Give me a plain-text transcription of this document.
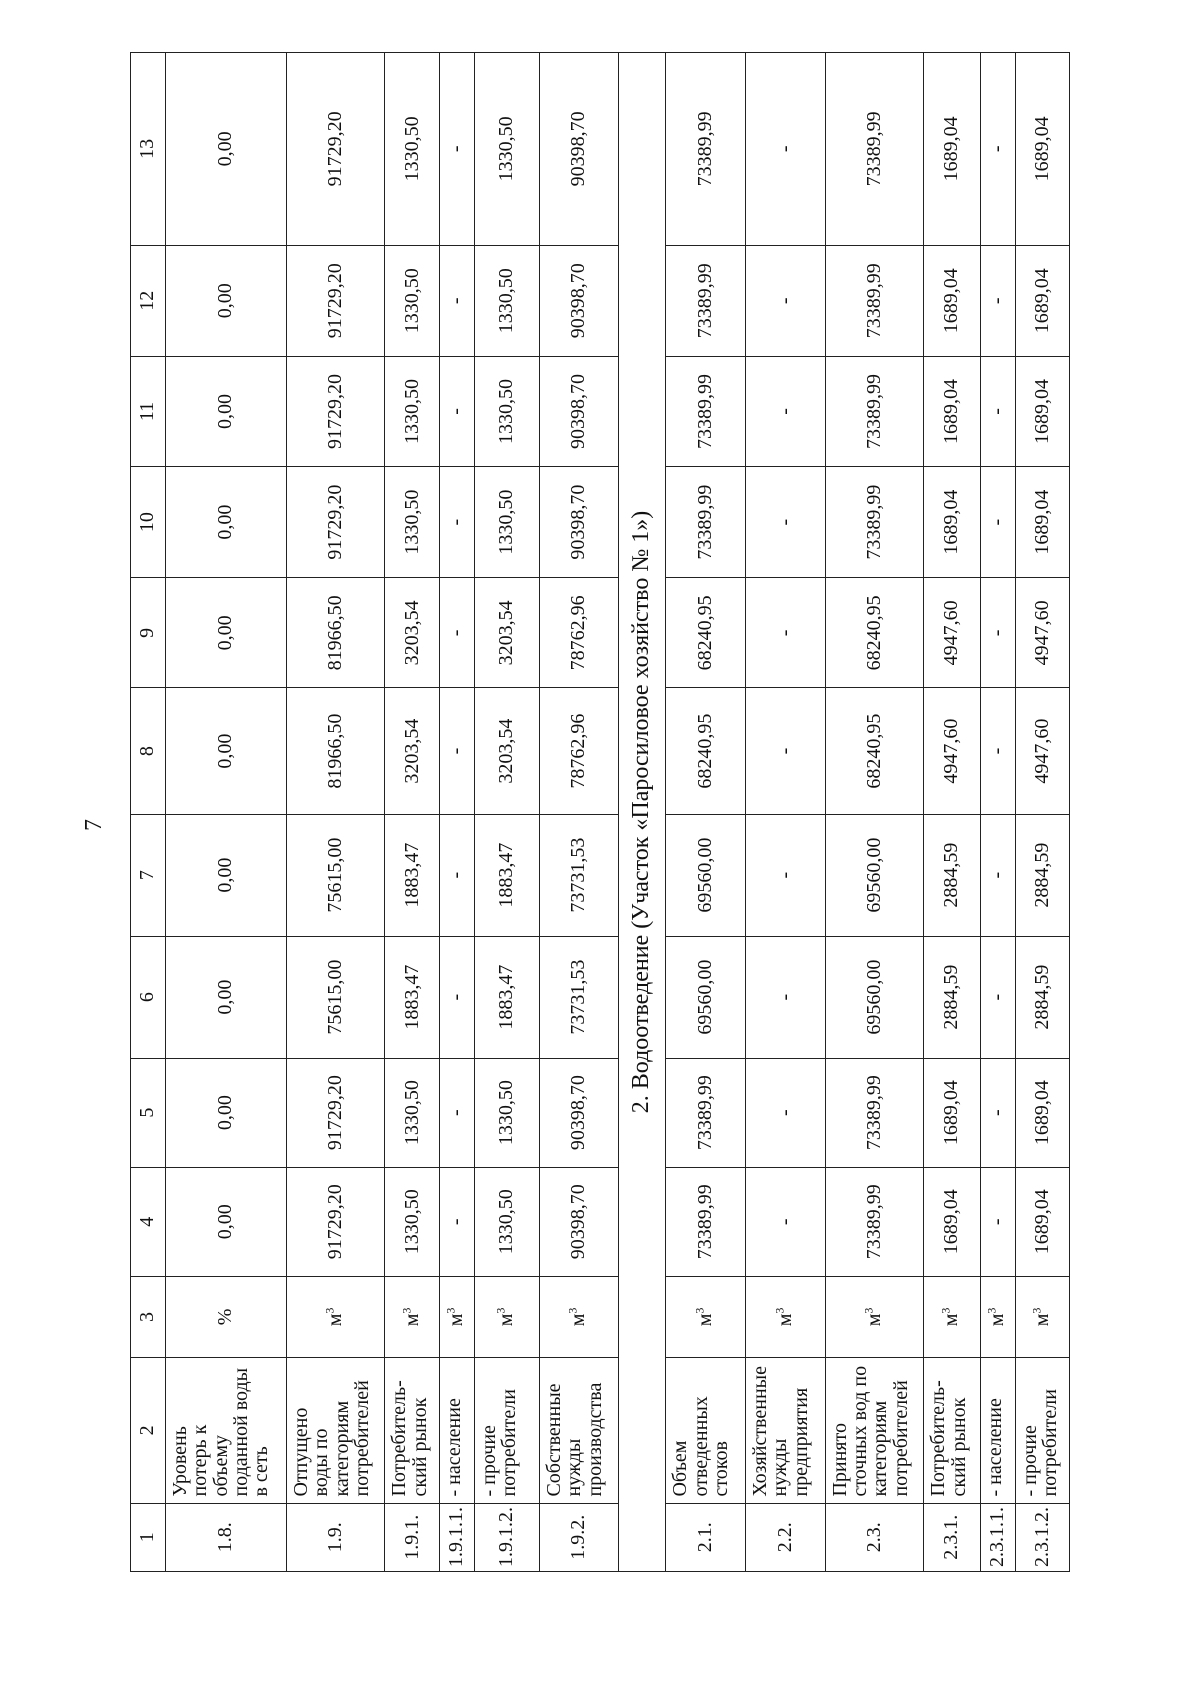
7
1	2	3	4	5	6	7	8	9	10	11	12	13
1.8.	Уровень потерь к объему поданной воды в сеть	%	0,00	0,00	0,00	0,00	0,00	0,00	0,00	0,00	0,00	0,00
1.9.	Отпущено воды по категориям потребителей	$м^3$	91729,20	91729,20	75615,00	75615,00	81966,50	81966,50	91729,20	91729,20	91729,20	91729,20
1.9.1.	Потребитель-ский рынок	$м^3$	1330,50	1330,50	1883,47	1883,47	3203,54	3203,54	1330,50	1330,50	1330,50	1330,50
1.9.1.1.	- население	$м^3$	-	-	-	-	-	-	-	-	-	-
1.9.1.2.	- прочие потребители	$м^3$	1330,50	1330,50	1883,47	1883,47	3203,54	3203,54	1330,50	1330,50	1330,50	1330,50
1.9.2.	Собственные нужды производства	$м^3$	90398,70	90398,70	73731,53	73731,53	78762,96	78762,96	90398,70	90398,70	90398,70	90398,70
2. Водоотведение (Участок «Паросиловое хозяйство № 1»)												
2.1.	Объем отведенных стоков	$м^3$	73389,99	73389,99	69560,00	69560,00	68240,95	68240,95	73389,99	73389,99	73389,99	73389,99
2.2.	Хозяйственные нужды предприятия	$м^3$	-	-	-	-	-	-	-	-	-	-
2.3.	Принято сточных вод по категориям потребителей	$м^3$	73389,99	73389,99	69560,00	69560,00	68240,95	68240,95	73389,99	73389,99	73389,99	73389,99
2.3.1.	Потребитель-ский рынок	$м^3$	1689,04	1689,04	2884,59	2884,59	4947,60	4947,60	1689,04	1689,04	1689,04	1689,04
2.3.1.1.	- население	$м^3$	-	-	-	-	-	-	-	-	-	-
2.3.1.2.	- прочие потребители	$м^3$	1689,04	1689,04	2884,59	2884,59	4947,60	4947,60	1689,04	1689,04	1689,04	1689,04
